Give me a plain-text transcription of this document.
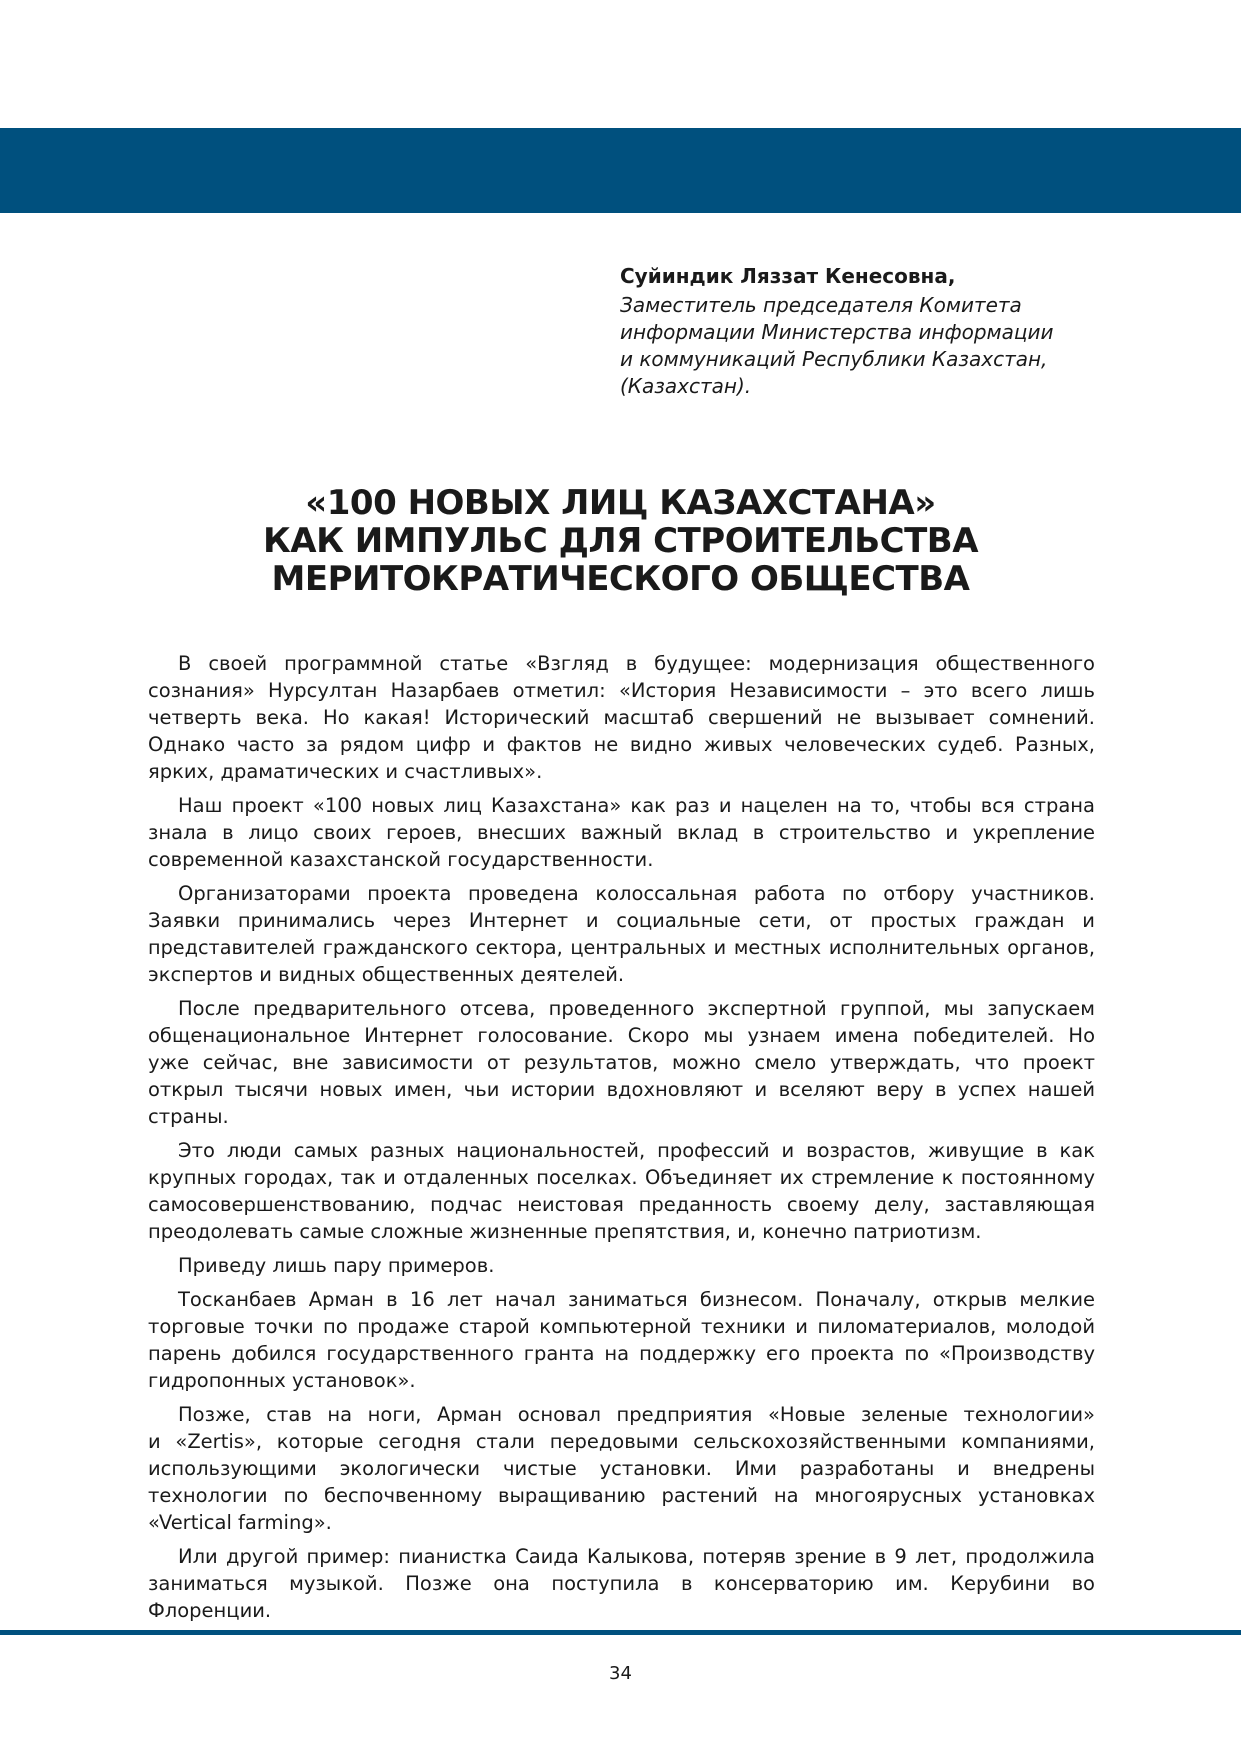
Суйиндик Ляззат Кенесовна,

Заместитель председателя Комитета
информации Министерства информации
и коммуникаций Республики Казахстан,
(Казахстан).

«100 НОВЫХ ЛИЦ КАЗАХСТАНА»
КАК ИМПУЛЬС ДЛЯ СТРОИТЕЛЬСТВА
МЕРИТОКРАТИЧЕСКОГО ОБЩЕСТВА
В своей программной статье «Взгляд в будущее: модернизация общественного
сознания» Нурсултан Назарбаев отметил: «История Независимости – это всего лишь
четверть века. Но какая! Исторический масштаб свершений не вызывает сомнений.
Однако часто за рядом цифр и фактов не видно живых человеческих судеб. Разных,
ярких, драматических и счастливых».
Наш проект «100 новых лиц Казахстана» как раз и нацелен на то, чтобы вся страна
знала в лицо своих героев, внесших важный вклад в строительство и укрепление
современной казахстанской государственности.
Организаторами проекта проведена колоссальная работа по отбору участников.
Заявки принимались через Интернет и социальные сети, от простых граждан и
представителей гражданского сектора, центральных и местных исполнительных органов,
экспертов и видных общественных деятелей.
После предварительного отсева, проведенного экспертной группой, мы запускаем
общенациональное Интернет голосование. Скоро мы узнаем имена победителей. Но
уже сейчас, вне зависимости от результатов, можно смело утверждать, что проект
открыл тысячи новых имен, чьи истории вдохновляют и вселяют веру в успех нашей
страны.
Это люди самых разных национальностей, профессий и возрастов, живущие в как
крупных городах, так и отдаленных поселках. Объединяет их стремление к постоянному
самосовершенствованию, подчас неистовая преданность своему делу, заставляющая
преодолевать самые сложные жизненные препятствия, и, конечно патриотизм.
Приведу лишь пару примеров.
Тосканбаев Арман в 16 лет начал заниматься бизнесом. Поначалу, открыв мелкие
торговые точки по продаже старой компьютерной техники и пиломатериалов, молодой
парень добился государственного гранта на поддержку его проекта по «Производству
гидропонных установок».
Позже, став на ноги, Арман основал предприятия «Новые зеленые технологии»
и «Zertis», которые сегодня стали передовыми сельскохозяйственными компаниями,
использующими экологически чистые установки. Ими разработаны и внедрены
технологии по беспочвенному выращиванию растений на многоярусных установках
«Vertical farming».
Или другой пример: пианистка Саида Калыкова, потеряв зрение в 9 лет, продолжила
заниматься музыкой. Позже она поступила в консерваторию им. Керубини во
Флоренции.
34
